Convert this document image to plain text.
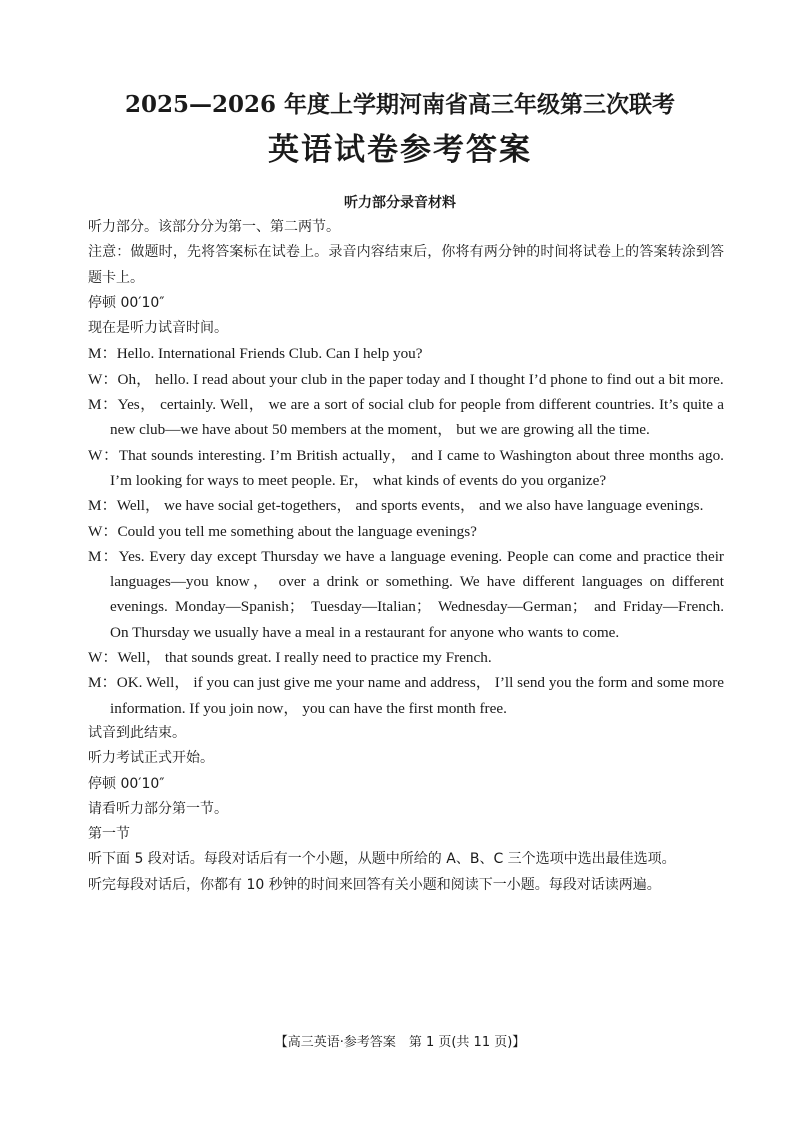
2025—2026 年度上学期河南省高三年级第三次联考
英语试卷参考答案
听力部分录音材料

听力部分。该部分分为第一、第二两节。

注意：做题时，先将答案标在试卷上。录音内容结束后，你将有两分钟的时间将试卷上的答案转涂到答题卡上。

停顿 00′10″

现在是听力试音时间。

M：Hello. International Friends Club. Can I help you?

W：Oh， hello. I read about your club in the paper today and I thought I’d phone to find out a bit more.

M：Yes， certainly. Well， we are a sort of social club for people from different countries. It’s quite a new club—we have about 50 members at the moment， but we are growing all the time.

W：That sounds interesting. I’m British actually， and I came to Washington about three months ago. I’m looking for ways to meet people. Er， what kinds of events do you organize?

M：Well， we have social get-togethers， and sports events， and we also have language evenings.

W：Could you tell me something about the language evenings?

M：Yes. Every day except Thursday we have a language evening. People can come and practice their languages—you know， over a drink or something. We have different languages on different evenings. Monday—Spanish； Tuesday—Italian； Wednesday—German； and Friday—French. On Thursday we usually have a meal in a restaurant for anyone who wants to come.

W：Well， that sounds great. I really need to practice my French.

M：OK. Well， if you can just give me your name and address， I’ll send you the form and some more information. If you join now， you can have the first month free.

试音到此结束。

听力考试正式开始。

停顿 00′10″

请看听力部分第一节。

第一节

听下面 5 段对话。每段对话后有一个小题，从题中所给的 A、B、C 三个选项中选出最佳选项。

听完每段对话后，你都有 10 秒钟的时间来回答有关小题和阅读下一小题。每段对话读两遍。

【高三英语·参考答案　第 1 页(共 11 页)】
